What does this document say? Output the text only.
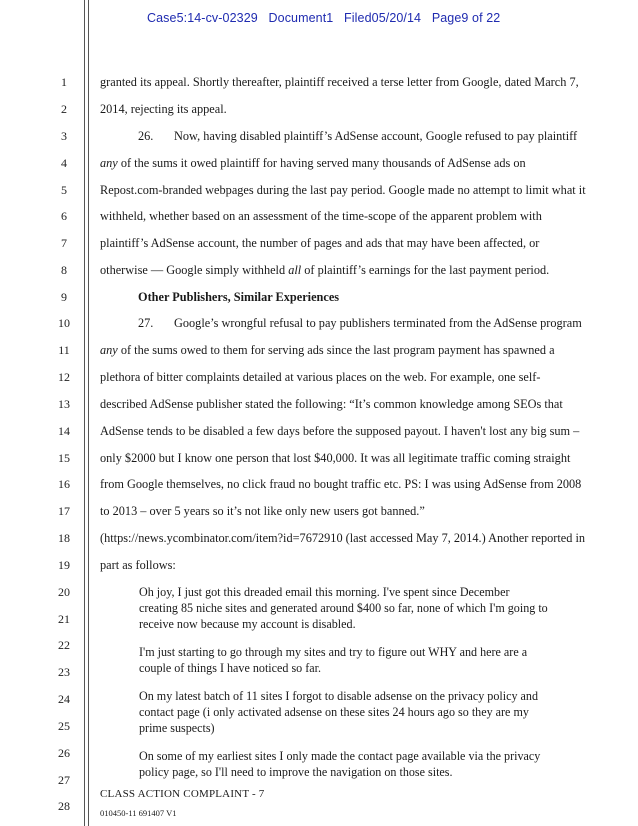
Case5:14-cv-02329   Document1   Filed05/20/14   Page9 of 22
1
2
3
4
5
6
7
8
9
10
11
12
13
14
15
16
17
18
19
20
21
22
23
24
25
26
27
28
granted its appeal. Shortly thereafter, plaintiff received a terse letter from Google, dated March 7,
2014, rejecting its appeal.
26. Now, having disabled plaintiff’s AdSense account, Google refused to pay plaintiff
any of the sums it owed plaintiff for having served many thousands of AdSense ads on
Repost.com-branded webpages during the last pay period. Google made no attempt to limit what it
withheld, whether based on an assessment of the time-scope of the apparent problem with
plaintiff’s AdSense account, the number of pages and ads that may have been affected, or
otherwise — Google simply withheld all of plaintiff’s earnings for the last payment period.
Other Publishers, Similar Experiences
27. Google’s wrongful refusal to pay publishers terminated from the AdSense program
any of the sums owed to them for serving ads since the last program payment has spawned a
plethora of bitter complaints detailed at various places on the web. For example, one self-
described AdSense publisher stated the following: “It’s common knowledge among SEOs that
AdSense tends to be disabled a few days before the supposed payout. I haven't lost any big sum –
only $2000 but I know one person that lost $40,000. It was all legitimate traffic coming straight
from Google themselves, no click fraud no bought traffic etc. PS: I was using AdSense from 2008
to 2013 – over 5 years so it’s not like only new users got banned.”
(https://news.ycombinator.com/item?id=7672910 (last accessed May 7, 2014.) Another reported in
part as follows:
Oh joy, I just got this dreaded email this morning. I've spent since December
creating 85 niche sites and generated around $400 so far, none of which I'm going to
receive now because my account is disabled.
I'm just starting to go through my sites and try to figure out WHY and here are a
couple of things I have noticed so far.
On my latest batch of 11 sites I forgot to disable adsense on the privacy policy and
contact page (i only activated adsense on these sites 24 hours ago so they are my
prime suspects)
On some of my earliest sites I only made the contact page available via the privacy
policy page, so I'll need to improve the navigation on those sites.
CLASS ACTION COMPLAINT - 7
010450-11 691407 V1
